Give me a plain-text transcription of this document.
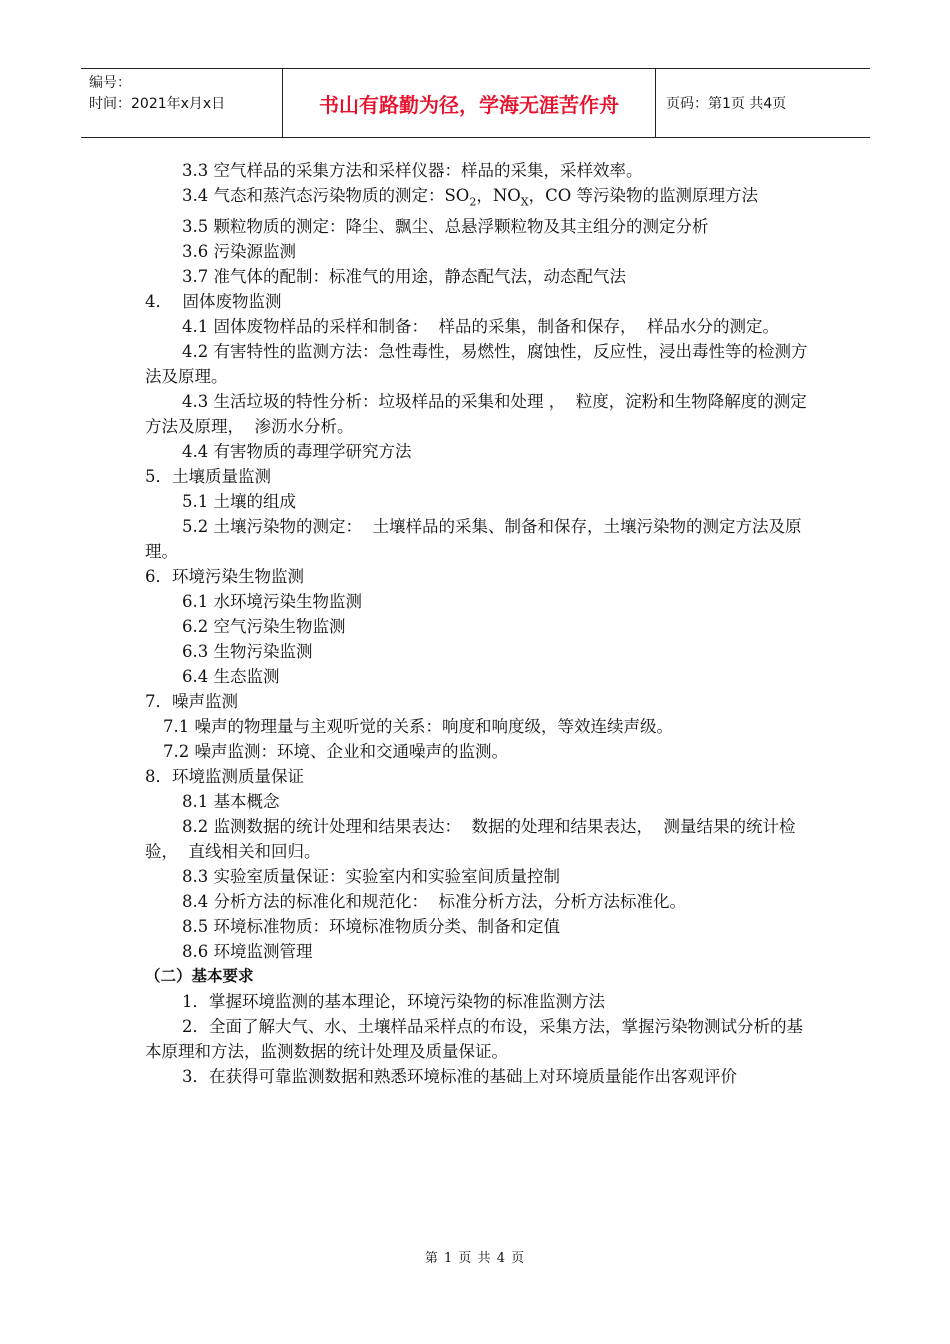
编号：
时间：2021年x月x日	书山有路勤为径，学海无涯苦作舟	页码：第1页 共4页

3.3 空气样品的采集方法和采样仪器：样品的采集，采样效率。

3.4 气态和蒸汽态污染物质的测定：$SO_2$，$NO_X$，CO 等污染物的监测原理方法

3.5 颗粒物质的测定：降尘、飘尘、总悬浮颗粒物及其主组分的测定分析

3.6 污染源监测

3.7 准气体的配制：标准气的用途，静态配气法，动态配气法

4．  固体废物监测

4.1 固体废物样品的采样和制备：  样品的采集，制备和保存，  样品水分的测定。

4.2 有害特性的监测方法：急性毒性，易燃性，腐蚀性，反应性，浸出毒性等的检测方法及原理。

4.3 生活垃圾的特性分析：垃圾样品的采集和处理 ，  粒度，淀粉和生物降解度的测定方法及原理，  渗沥水分析。

4.4 有害物质的毒理学研究方法

5．土壤质量监测

5.1 土壤的组成

5.2 土壤污染物的测定：  土壤样品的采集、制备和保存，土壤污染物的测定方法及原理。

6．环境污染生物监测

6.1 水环境污染生物监测

6.2 空气污染生物监测

6.3 生物污染监测

6.4 生态监测

7．噪声监测

7.1 噪声的物理量与主观听觉的关系：响度和响度级，等效连续声级。

7.2 噪声监测：环境、企业和交通噪声的监测。

8．环境监测质量保证

8.1 基本概念

8.2 监测数据的统计处理和结果表达：  数据的处理和结果表达，  测量结果的统计检验，  直线相关和回归。

8.3 实验室质量保证：实验室内和实验室间质量控制

8.4 分析方法的标准化和规范化：  标准分析方法，分析方法标准化。

8.5 环境标准物质：环境标准物质分类、制备和定值

8.6 环境监测管理

（二）基本要求

1．掌握环境监测的基本理论，环境污染物的标准监测方法

2．全面了解大气、水、土壤样品采样点的布设，采集方法，掌握污染物测试分析的基本原理和方法，监测数据的统计处理及质量保证。

3．在获得可靠监测数据和熟悉环境标准的基础上对环境质量能作出客观评价

第 1 页 共 4 页
